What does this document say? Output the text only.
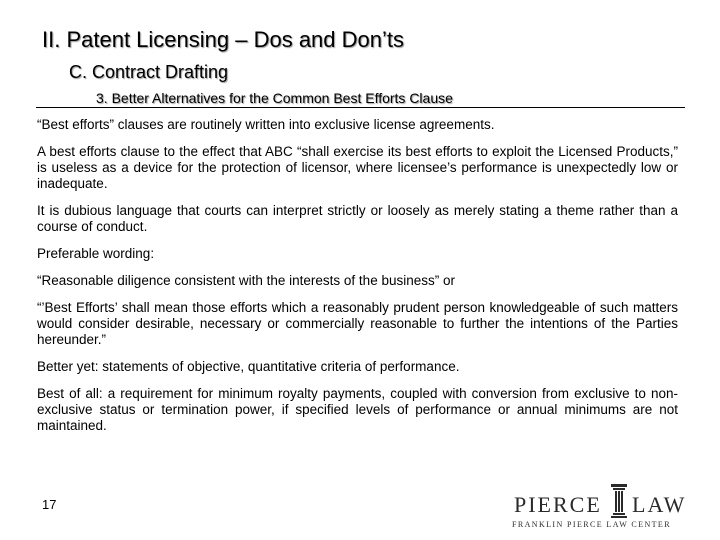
II. Patent Licensing – Dos and Don’ts
C. Contract Drafting
3. Better Alternatives for the Common Best Efforts Clause

“Best efforts” clauses are routinely written into exclusive license agreements.

A best efforts clause to the effect that ABC “shall exercise its best efforts to exploit the Licensed Products,” is useless as a device for the protection of licensor, where licensee’s performance is unexpectedly low or inadequate.

It is dubious language that courts can interpret strictly or loosely as merely stating a theme rather than a course of conduct.

Preferable wording:

“Reasonable diligence consistent with the interests of the business” or

“’Best Efforts’ shall mean those efforts which a reasonably prudent person knowledgeable of such matters would consider desirable, necessary or commercially reasonable to further the intentions of the Parties hereunder.”

Better yet: statements of objective, quantitative criteria of performance.

Best of all: a requirement for minimum royalty payments, coupled with conversion from exclusive to non-exclusive status or termination power, if specified levels of performance or annual minimums are not maintained.

17	PIERCE LAW
FRANKLIN PIERCE LAW CENTER
